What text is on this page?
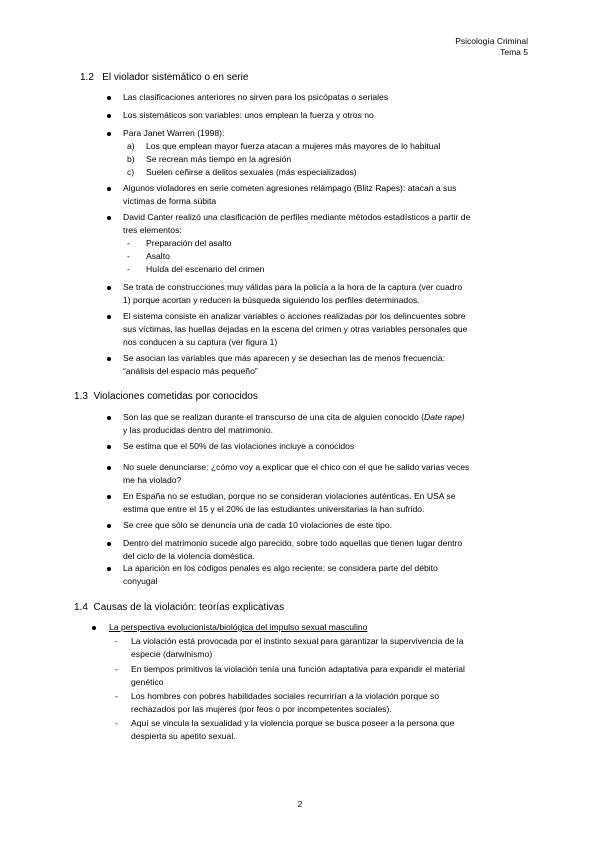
Psicología Criminal
Tema 5
1.2 El violador sistemático o en serie
Las clasificaciones anteriores no sirven para los psicópatas o seriales
Los sistemáticos son variables: unos emplean la fuerza y otros no
Para Janet Warren (1998):
a) Los que emplean mayor fuerza atacan a mujeres más mayores de lo habitual
b) Se recrean más tiempo en la agresión
c) Suelen ceñirse a delitos sexuales (más especializados)
Algunos violadores en serie cometen agresiones relámpago (Blitz Rapes): atacan a sus
víctimas de forma súbita
David Canter realizó una clasificación de perfiles mediante métodos estadísticos a partir de
tres elementos:
- Preparación del asalto
- Asalto
- Huída del escenario del crimen
Se trata de construcciones muy válidas para la policía a la hora de la captura (ver cuadro
1) porque acortan y reducen la búsqueda siguiendo los perfiles determinados.
El sistema consiste en analizar variables o acciones realizadas por los delincuentes sobre
sus víctimas, las huellas dejadas en la escena del crimen y otras variables personales que
nos conducen a su captura (ver figura 1)
Se asocian las variables que más aparecen y se desechan las de menos frecuencia:
“análisis del espacio más pequeño”
1.3 Violaciones cometidas por conocidos
Son las que se realizan durante el transcurso de una cita de alguien conocido (Date rape)
y las producidas dentro del matrimonio.
Se estima que el 50% de las violaciones incluye a conocidos
No suele denunciarse: ¿cómo voy a explicar que el chico con el que he salido varias veces
me ha violado?
En España no se estudian, porque no se consideran violaciones auténticas. En USA se
estima que entre el 15 y el 20% de las estudiantes universitarias la han sufrido.
Se cree que sólo se denuncia una de cada 10 violaciones de este tipo.
Dentro del matrimonio sucede algo parecido, sobre todo aquellas que tienen lugar dentro
del ciclo de la violencia doméstica.
La aparición en los códigos penales es algo reciente: se considera parte del débito
conyugal
1.4 Causas de la violación: teorías explicativas
La perspectiva evolucionista/biológica del impulso sexual masculino
- La violación está provocada por el instinto sexual para garantizar la supervivencia de la
especie (darwinismo)
- En tiempos primitivos la violación tenía una función adaptativa para expandir el material
genético
- Los hombres con pobres habilidades sociales recurrirían a la violación porque so
rechazados por las mujeres (por feos o por incompetentes sociales).
- Aquí se vincula la sexualidad y la violencia porque se busca poseer a la persona que
despierta su apetito sexual.
2
